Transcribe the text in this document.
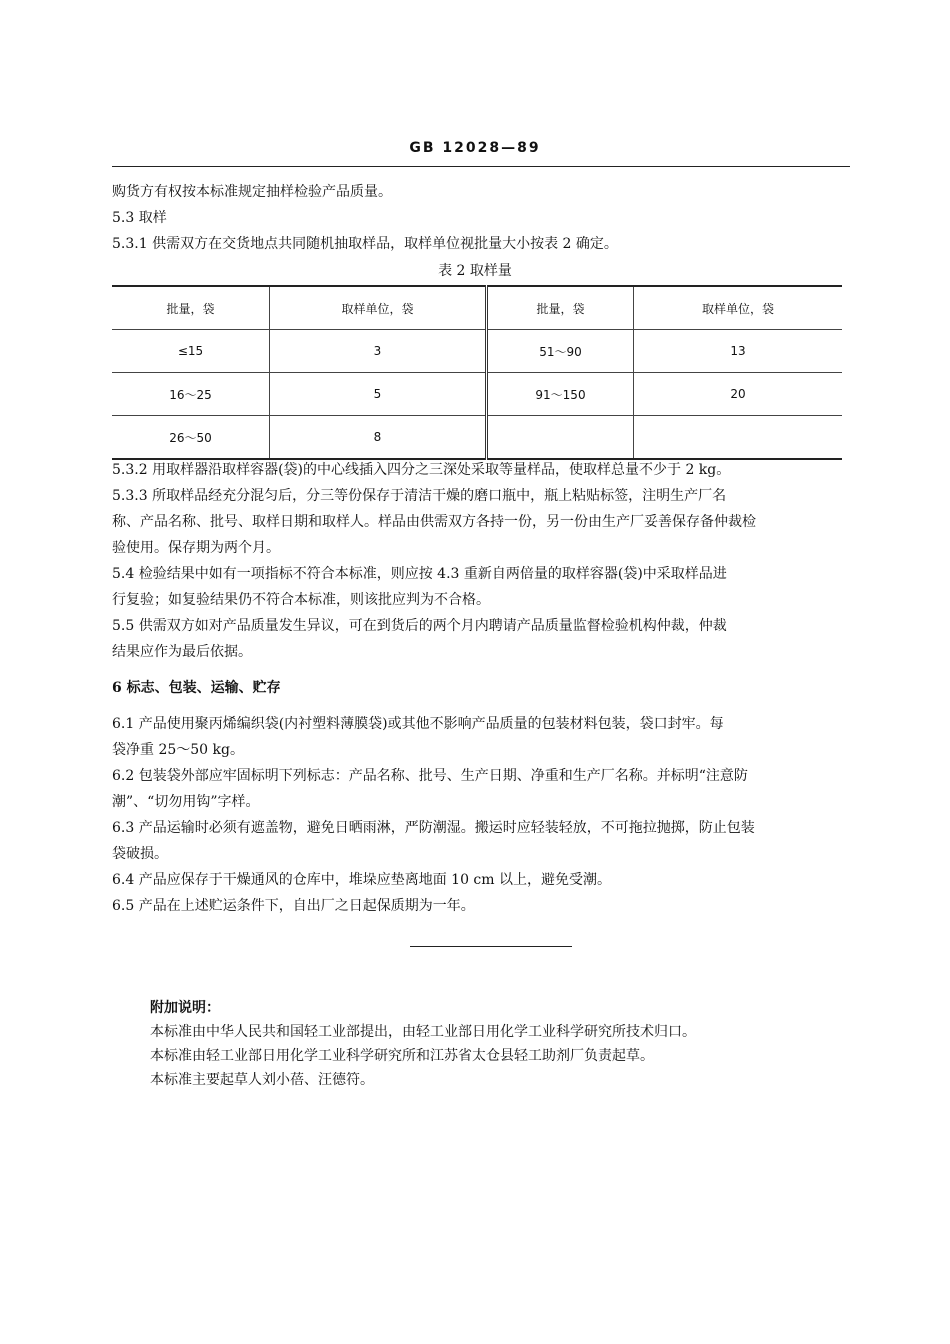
GB 12028—89
购货方有权按本标准规定抽样检验产品质量。
5.3 取样
5.3.1 供需双方在交货地点共同随机抽取样品，取样单位视批量大小按表 2 确定。
表 2 取样量
批量，袋	取样单位，袋	批量，袋	取样单位，袋
≤15	3	51～90	13
16～25	5	91～150	20
26～50	8		
5.3.2 用取样器沿取样容器(袋)的中心线插入四分之三深处采取等量样品，使取样总量不少于 2 kg。
5.3.3 所取样品经充分混匀后，分三等份保存于清洁干燥的磨口瓶中，瓶上粘贴标签，注明生产厂名
称、产品名称、批号、取样日期和取样人。样品由供需双方各持一份，另一份由生产厂妥善保存备仲裁检
验使用。保存期为两个月。
5.4 检验结果中如有一项指标不符合本标准，则应按 4.3 重新自两倍量的取样容器(袋)中采取样品进
行复验；如复验结果仍不符合本标准，则该批应判为不合格。
5.5 供需双方如对产品质量发生异议，可在到货后的两个月内聘请产品质量监督检验机构仲裁，仲裁
结果应作为最后依据。
6 标志、包装、运输、贮存
6.1 产品使用聚丙烯编织袋(内衬塑料薄膜袋)或其他不影响产品质量的包装材料包装，袋口封牢。每
袋净重 25～50 kg。
6.2 包装袋外部应牢固标明下列标志：产品名称、批号、生产日期、净重和生产厂名称。并标明“注意防
潮”、“切勿用钩”字样。
6.3 产品运输时必须有遮盖物，避免日晒雨淋，严防潮湿。搬运时应轻装轻放，不可拖拉抛掷，防止包装
袋破损。
6.4 产品应保存于干燥通风的仓库中，堆垛应垫离地面 10 cm 以上，避免受潮。
6.5 产品在上述贮运条件下，自出厂之日起保质期为一年。
附加说明：
本标准由中华人民共和国轻工业部提出，由轻工业部日用化学工业科学研究所技术归口。
本标准由轻工业部日用化学工业科学研究所和江苏省太仓县轻工助剂厂负责起草。
本标准主要起草人刘小蓓、汪德符。
